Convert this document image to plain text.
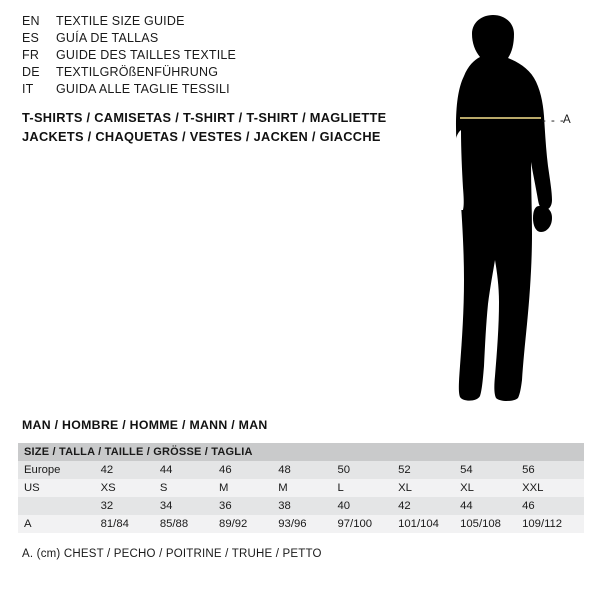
EN	TEXTILE SIZE GUIDE
ES	GUÍA DE TALLAS
FR	GUIDE DES TAILLES TEXTILE
DE	TEXTILGRÖßENFÜHRUNG
IT	GUIDA ALLE TAGLIE TESSILI
T-SHIRTS / CAMISETAS / T-SHIRT / T-SHIRT / MAGLIETTE
JACKETS / CHAQUETAS / VESTES / JACKEN / GIACCHE
- - -
A
MAN / HOMBRE / HOMME / MANN / MAN
SIZE / TALLA / TAILLE / GRÖSSE / TAGLIA								
Europe	42	44	46	48	50	52	54	56
US	XS	S	M	M	L	XL	XL	XXL
	32	34	36	38	40	42	44	46
A	81/84	85/88	89/92	93/96	97/100	101/104	105/108	109/112
A. (cm) CHEST / PECHO / POITRINE / TRUHE / PETTO
